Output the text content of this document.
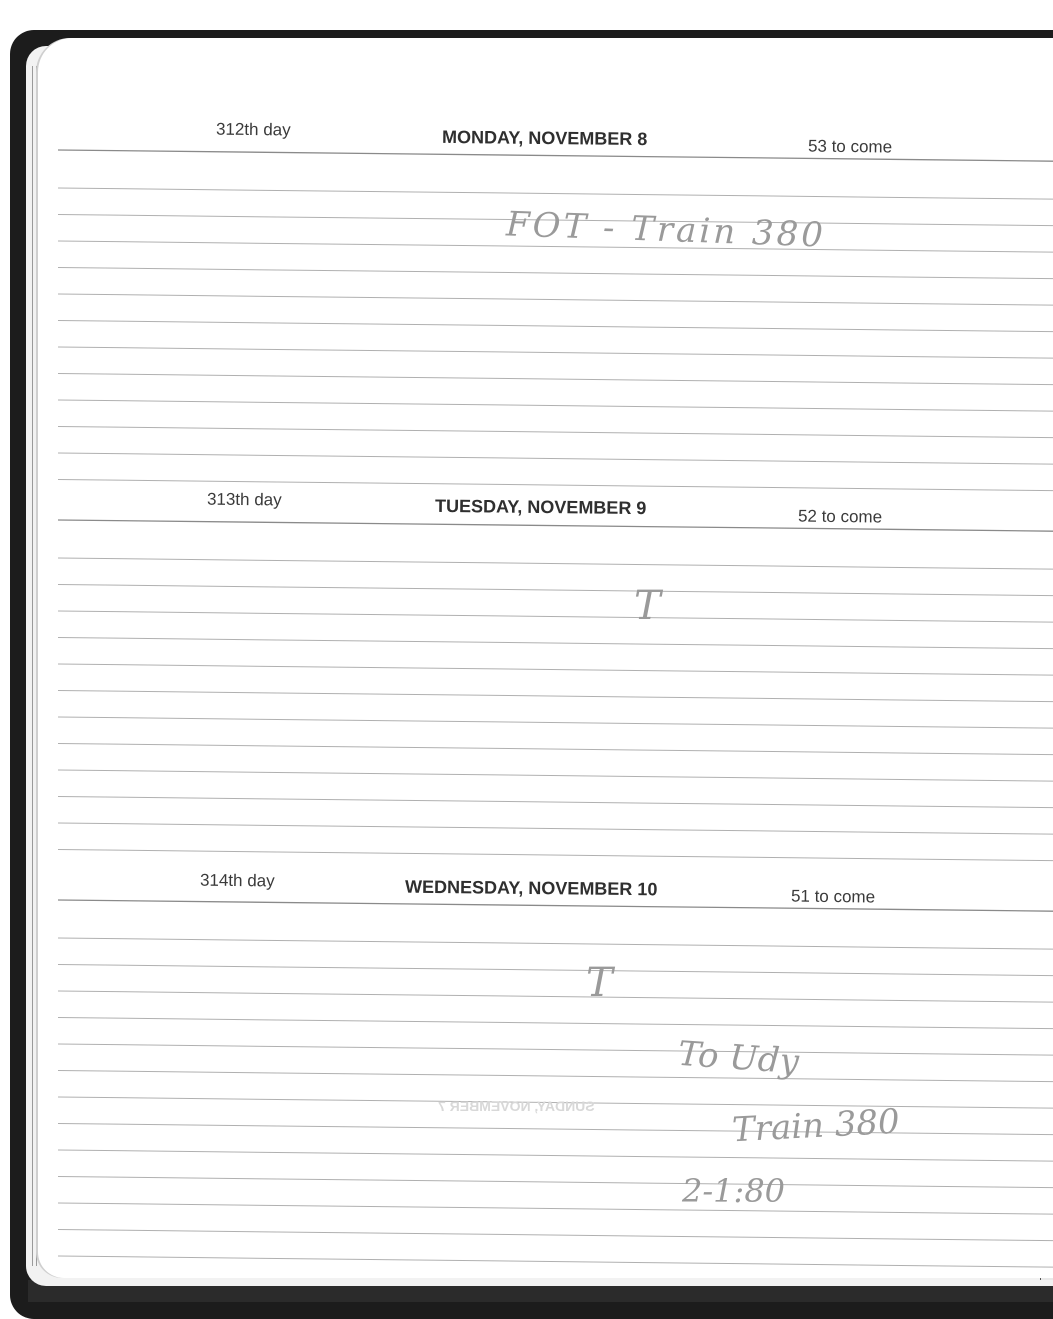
SUNDAY, NOVEMBER 7
312th day	MONDAY, NOVEMBER 8	53 to come
FOT - Train 380
313th day	TUESDAY, NOVEMBER 9	52 to come
T
314th day	WEDNESDAY, NOVEMBER 10	51 to come
T
To Udy
Train 380
2-1:80
